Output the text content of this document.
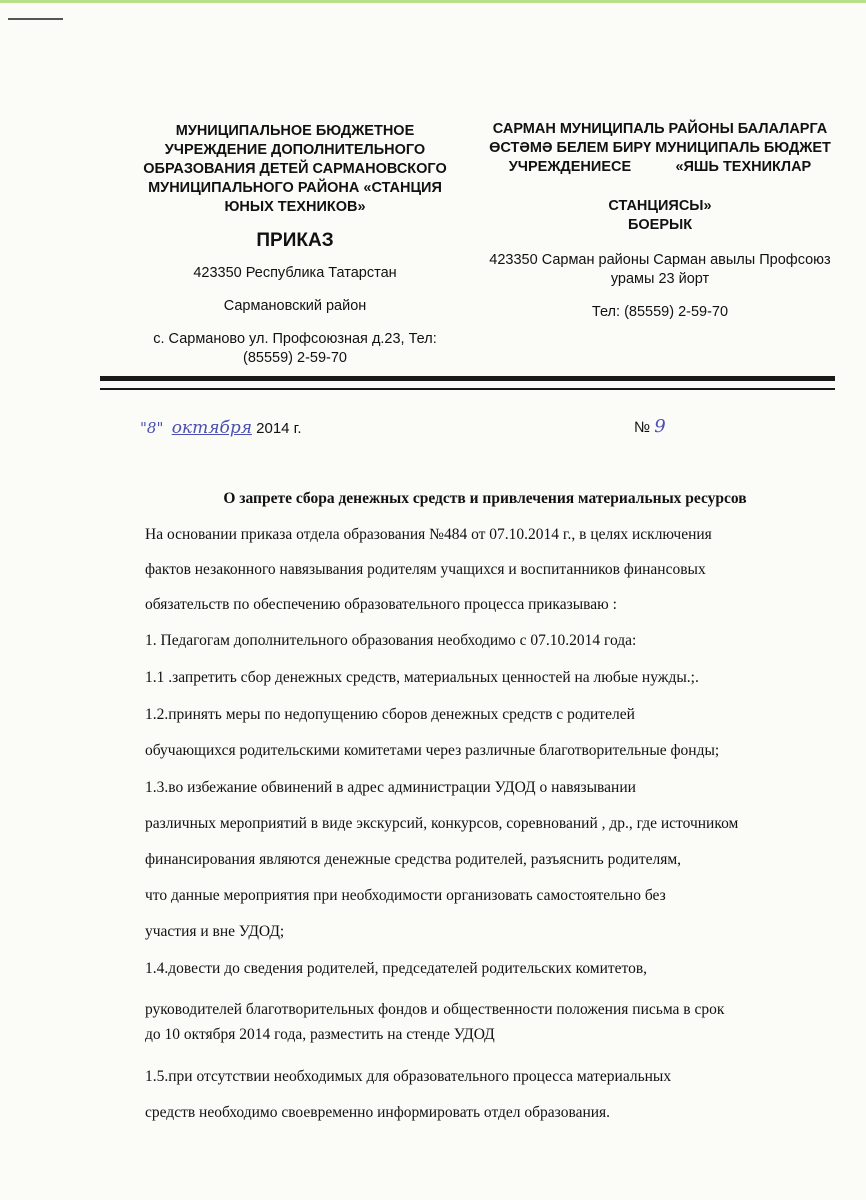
МУНИЦИПАЛЬНОЕ БЮДЖЕТНОЕ

УЧРЕЖДЕНИЕ ДОПОЛНИТЕЛЬНОГО

ОБРАЗОВАНИЯ ДЕТЕЙ САРМАНОВСКОГО

МУНИЦИПАЛЬНОГО РАЙОНА «СТАНЦИЯ

ЮНЫХ ТЕХНИКОВ»

ПРИКАЗ

423350 Республика Татарстан

Сармановский район

с. Сарманово ул. Профсоюзная д.23, Тел:

(85559) 2-59-70

САРМАН МУНИЦИПАЛЬ РАЙОНЫ БАЛАЛАРГА

ӨСТӘМӘ БЕЛЕМ БИРҮ МУНИЦИПАЛЬ БЮДЖЕТ

УЧРЕЖДЕНИЕСЕ           «ЯШЬ ТЕХНИКЛАР

СТАНЦИЯСЫ»

БОЕРЫК

423350 Сарман районы Сарман авылы Профсоюз

урамы 23 йорт

Тел: (85559) 2-59-70

"8" октября 2014 г.	№ 9
О запрете сбора денежных средств и привлечения материальных ресурсов
На основании приказа отдела образования №484 от 07.10.2014 г., в целях исключения
фактов незаконного навязывания родителям учащихся и воспитанников финансовых
обязательств по обеспечению образовательного процесса приказываю :
1. Педагогам дополнительного образования необходимо с 07.10.2014 года:
1.1 .запретить сбор денежных средств, материальных ценностей на любые нужды.;.
1.2.принять меры по недопущению сборов денежных средств с родителей
обучающихся родительскими комитетами через различные благотворительные фонды;
1.3.во избежание обвинений в адрес администрации УДОД о навязывании
различных мероприятий в виде экскурсий, конкурсов, соревнований , др., где источником
финансирования являются денежные средства родителей, разъяснить родителям,
что данные мероприятия при необходимости организовать самостоятельно без
участия и вне УДОД;
1.4.довести до сведения родителей, председателей родительских комитетов,
руководителей благотворительных фондов и общественности положения письма в срок
до 10 октября 2014 года, разместить на стенде УДОД
1.5.при отсутствии необходимых для образовательного процесса материальных
средств необходимо своевременно информировать отдел образования.
